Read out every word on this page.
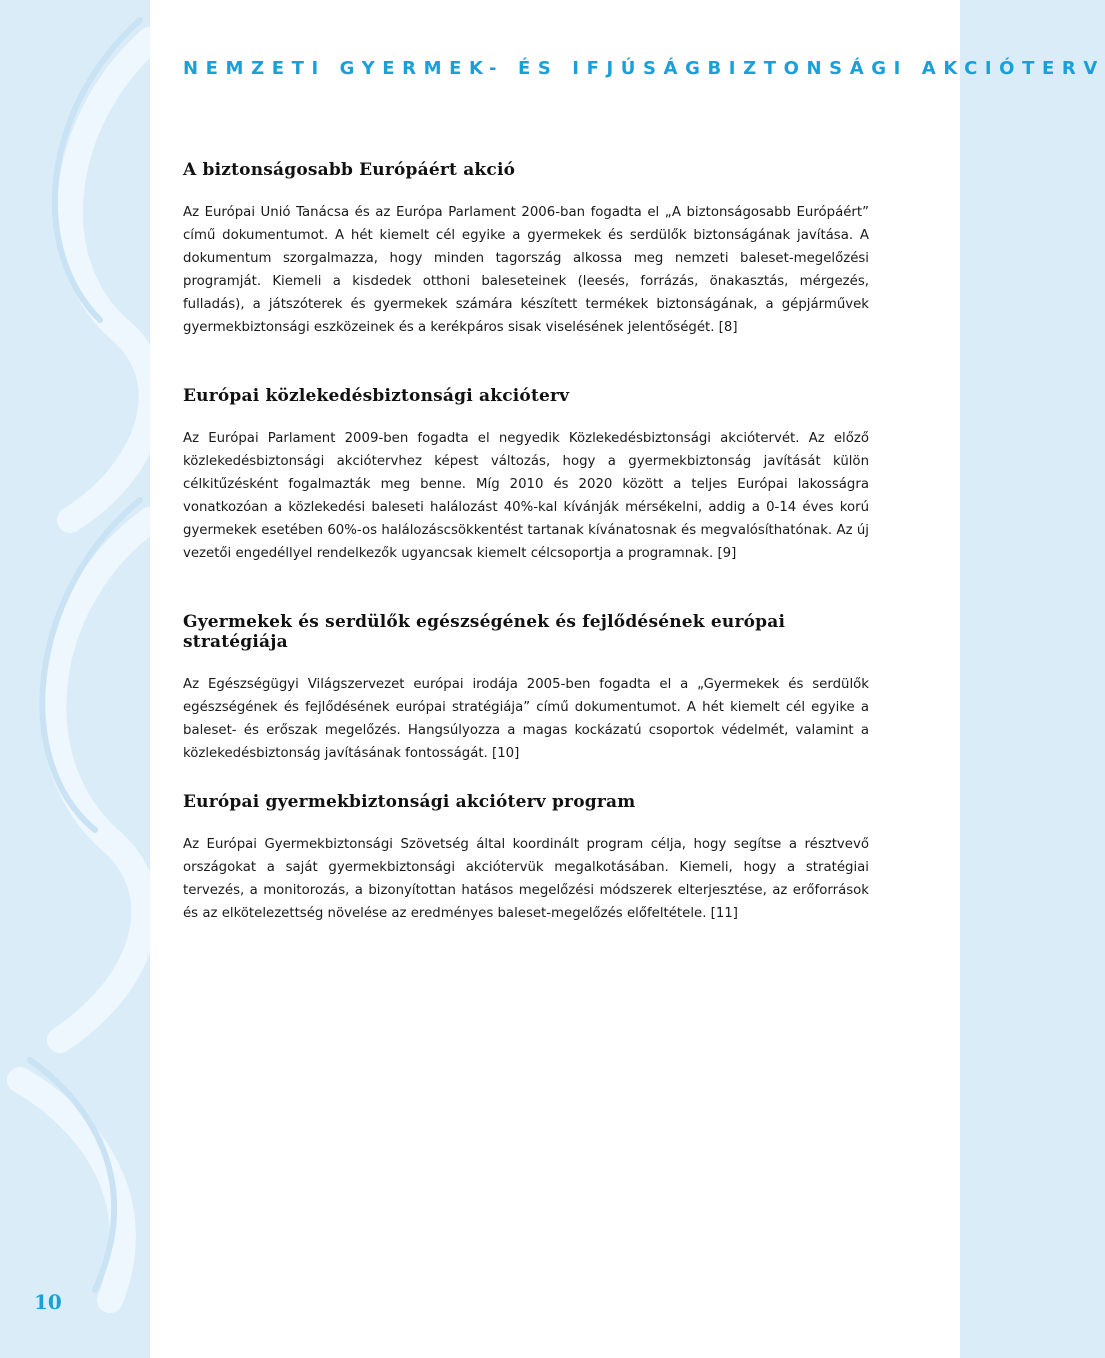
NEMZETI GYERMEK- ÉS IFJÚSÁGBIZTONSÁGI AKCIÓTERV
A biztonságosabb Európáért akció

Az Európai Unió Tanácsa és az Európa Parlament 2006-ban fogadta el „A biztonságosabb Európáért” című dokumentumot. A hét kiemelt cél egyike a gyermekek és serdülők biztonságának javítása. A dokumentum szorgalmazza, hogy minden tagország alkossa meg nemzeti baleset-megelőzési programját. Kiemeli a kisdedek otthoni baleseteinek (leesés, forrázás, önakasztás, mérgezés, fulladás), a játszóterek és gyermekek számára készített termékek biztonságának, a gépjárművek gyermekbiztonsági eszközeinek és a kerékpáros sisak viselésének jelentőségét. [8]

Európai közlekedésbiztonsági akcióterv

Az Európai Parlament 2009-ben fogadta el negyedik Közlekedésbiztonsági akciótervét. Az előző közlekedésbiztonsági akciótervhez képest változás, hogy a gyermekbiztonság javítását külön célkitűzésként fogalmazták meg benne. Míg 2010 és 2020 között a teljes Európai lakosságra vonatkozóan a közlekedési baleseti halálozást 40%-kal kívánják mérsékelni, addig a 0-14 éves korú gyermekek esetében 60%-os halálozáscsökkentést tartanak kívánatosnak és megvalósíthatónak. Az új vezetői engedéllyel rendelkezők ugyancsak kiemelt célcsoportja a programnak. [9]

Gyermekek és serdülők egészségének és fejlődésének európai stratégiája

Az Egészségügyi Világszervezet európai irodája 2005-ben fogadta el a „Gyermekek és serdülők egészségének és fejlődésének európai stratégiája” című dokumentumot. A hét kiemelt cél egyike a baleset- és erőszak megelőzés. Hangsúlyozza a magas kockázatú csoportok védelmét, valamint a közlekedésbiztonság javításának fontosságát. [10]

Európai gyermekbiztonsági akcióterv program

Az Európai Gyermekbiztonsági Szövetség által koordinált program célja, hogy segítse a résztvevő országokat a saját gyermekbiztonsági akciótervük megalkotásában. Kiemeli, hogy a stratégiai tervezés, a monitorozás, a bizonyítottan hatásos megelőzési módszerek elterjesztése, az erőforrások és az elkötelezettség növelése az eredményes baleset-megelőzés előfeltétele. [11]

10
